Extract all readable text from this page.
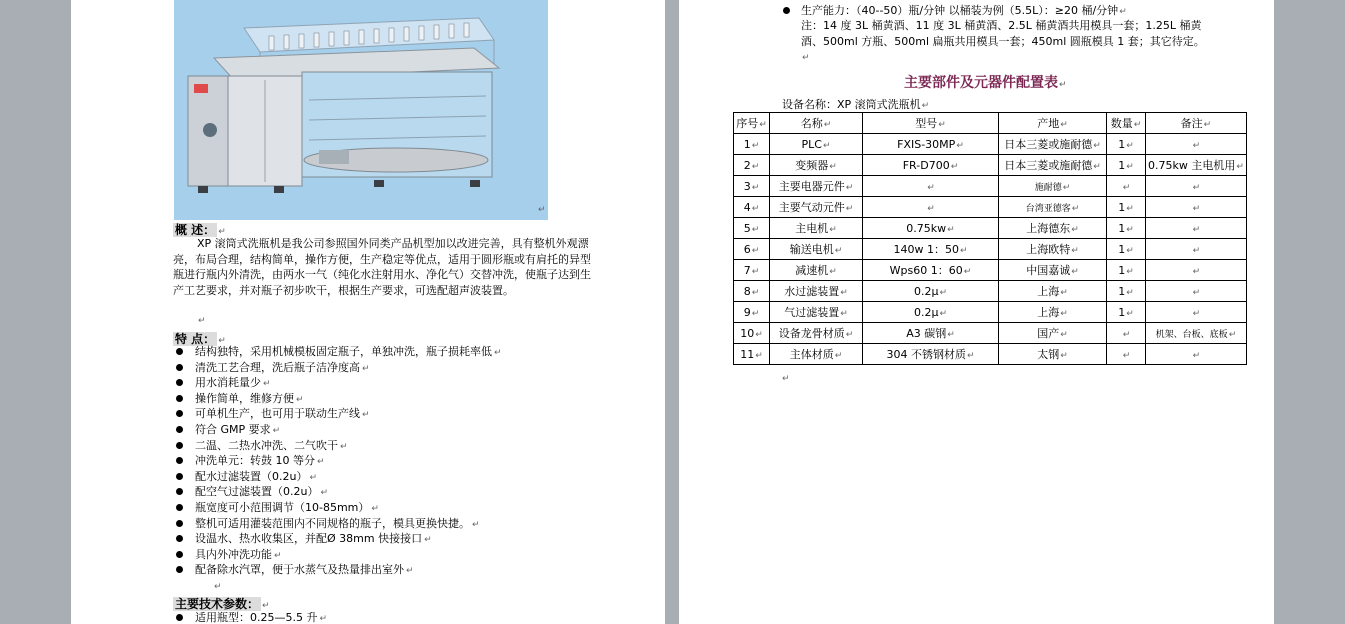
↵
概 述： ↵

XP 滚筒式洗瓶机是我公司参照国外同类产品机型加以改进完善，具有整机外观漂亮，布局合理，结构简单，操作方便，生产稳定等优点，适用于圆形瓶或有肩托的异型瓶进行瓶内外清洗，由两水一气（纯化水注射用水、净化气）交替冲洗，使瓶子达到生产工艺要求，并对瓶子初步吹干，根据生产要求，可选配超声波装置。

↵
特 点： ↵
结构独特，采用机械模板固定瓶子，单独冲洗，瓶子损耗率低 ↵
清洗工艺合理，洗后瓶子洁净度高 ↵
用水消耗量少 ↵
操作简单，维修方便 ↵
可单机生产，也可用于联动生产线 ↵
符合 GMP 要求 ↵
二温、二热水冲洗、二气吹干 ↵
冲洗单元：转鼓 10 等分 ↵
配水过滤装置（0.2u） ↵
配空气过滤装置（0.2u） ↵
瓶宽度可小范围调节（10-85mm） ↵
整机可适用灌装范围内不同规格的瓶子，模具更换快捷。 ↵
设温水、热水收集区，并配Ø 38mm 快接接口 ↵
具内外冲洗功能 ↵
配备除水汽罩，便于水蒸气及热量排出室外 ↵
↵
主要技术参数： ↵
适用瓶型：0.25—5.5 升 ↵
生产能力：（40--50）瓶/分钟 以桶装为例（5.5L）：≥20 桶/分钟↵

注：14 度 3L 桶黄酒、11 度 3L 桶黄酒、2.5L 桶黄酒共用模具一套；1.25L 桶黄酒、500ml 方瓶、500ml 扁瓶共用模具一套；450ml 圆瓶模具 1 套；其它待定。↵

主要部件及元器件配置表↵
设备名称：XP 滚筒式洗瓶机↵
序号↵	名称↵	型号↵	产地↵	数量↵	备注↵
1↵	PLC↵	FXIS-30MP↵	日本三菱或施耐德↵	1↵	↵
2↵	变频器↵	FR-D700↵	日本三菱或施耐德↵	1↵	0.75kw 主电机用↵
3↵	主要电器元件↵	↵	施耐德↵	↵	↵
4↵	主要气动元件↵	↵	台湾亚德客↵	1↵	↵
5↵	主电机↵	0.75kw↵	上海德东↵	1↵	↵
6↵	输送电机↵	140w 1：50↵	上海欧特↵	1↵	↵
7↵	减速机↵	Wps60 1：60↵	中国嘉诚↵	1↵	↵
8↵	水过滤装置↵	0.2μ↵	上海↵	1↵	↵
9↵	气过滤装置↵	0.2μ↵	上海↵	1↵	↵
10↵	设备龙骨材质↵	A3 碳钢↵	国产↵	↵	机架、台板、底板↵
11↵	主体材质↵	304 不锈钢材质↵	太钢↵	↵	↵
↵
